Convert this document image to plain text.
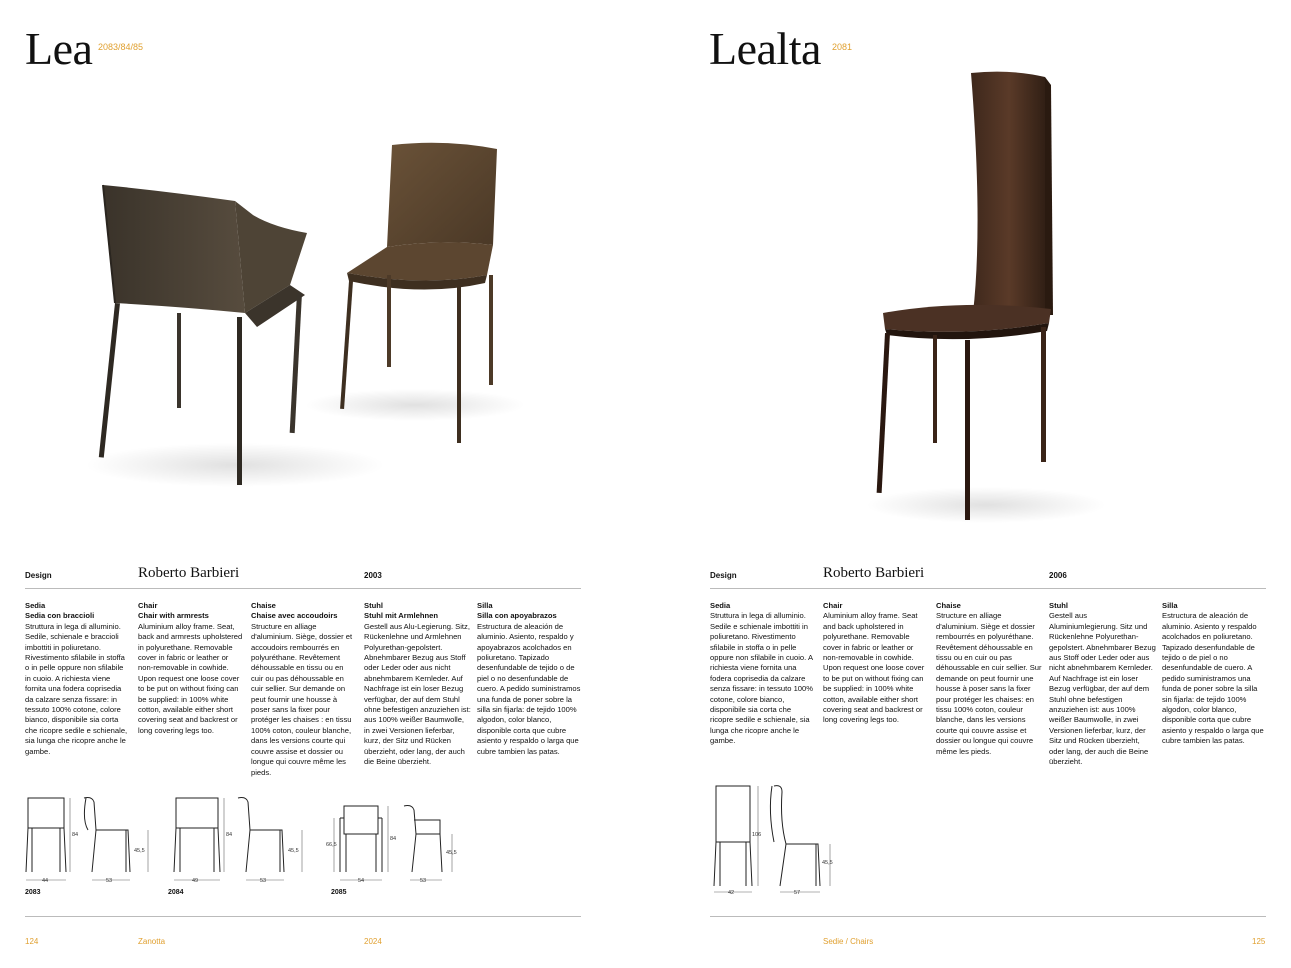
Lea 2083/84/85
Design	Roberto Barbieri	2003
Sedia
Sedia con braccioli
Struttura in lega di alluminio. Sedile, schienale e braccioli imbottiti in poliuretano. Rivestimento sfilabile in stoffa o in pelle oppure non sfilabile in cuoio. A richiesta viene fornita una fodera coprisedia da calzare senza fissare: in tessuto 100% cotone, colore bianco, disponibile sia corta che ricopre sedile e schienale, sia lunga che ricopre anche le gambe.
Chair
Chair with armrests
Aluminium alloy frame. Seat, back and armrests upholstered in polyurethane. Removable cover in fabric or leather or non-removable in cowhide. Upon request one loose cover to be put on without fixing can be supplied: in 100% white cotton, available either short covering seat and backrest or long covering legs too.
Chaise
Chaise avec accoudoirs
Structure en alliage d'aluminium. Siège, dossier et accoudoirs rembourrés en polyuréthane. Revêtement déhoussable en tissu ou en cuir ou pas déhoussable en cuir sellier. Sur demande on peut fournir une housse à poser sans la fixer pour protéger les chaises : en tissu 100% coton, couleur blanche, dans les versions courte qui couvre assise et dossier ou longue qui couvre même les pieds.
Stuhl
Stuhl mit Armlehnen
Gestell aus Alu-Legierung. Sitz, Rückenlehne und Armlehnen Polyurethan-gepolstert. Abnehmbarer Bezug aus Stoff oder Leder oder aus nicht abnehmbarem Kernleder. Auf Nachfrage ist ein loser Bezug verfügbar, der auf dem Stuhl ohne befestigen anzuziehen ist: aus 100% weißer Baumwolle, in zwei Versionen lieferbar, kurz, der Sitz und Rücken überzieht, oder lang, der auch die Beine überzieht.
Silla
Silla con apoyabrazos
Estructura de aleación de aluminio. Asiento, respaldo y apoyabrazos acolchados en poliuretano. Tapizado desenfundable de tejido o de piel o no desenfundable de cuero. A pedido suministramos una funda de poner sobre la silla sin fijarla: de tejido 100% algodon, color blanco, disponible corta que cubre asiento y respaldo o larga que cubre tambien las patas.
84
45,5
44	53
84
45,5
49	53
66,5
84
45,5
54	53
2083	2084	2085
124	Zanotta	2024
Lealta 2081
Design	Roberto Barbieri	2006
Sedia
Struttura in lega di alluminio. Sedile e schienale imbottiti in poliuretano. Rivestimento sfilabile in stoffa o in pelle oppure non sfilabile in cuoio. A richiesta viene fornita una fodera coprisedia da calzare senza fissare: in tessuto 100% cotone, colore bianco, disponibile sia corta che ricopre sedile e schienale, sia lunga che ricopre anche le gambe.
Chair
Aluminium alloy frame. Seat and back upholstered in polyurethane. Removable cover in fabric or leather or non-removable in cowhide. Upon request one loose cover to be put on without fixing can be supplied: in 100% white cotton, available either short covering seat and backrest or long covering legs too.
Chaise
Structure en alliage d'aluminium. Siège et dossier rembourrés en polyuréthane. Revêtement déhoussable en tissu ou en cuir ou pas déhoussable en cuir sellier. Sur demande on peut fournir une housse à poser sans la fixer pour protéger les chaises: en tissu 100% coton, couleur blanche, dans les versions courte qui couvre assise et dossier ou longue qui couvre même les pieds.
Stuhl
Gestell aus Aluminiumlegierung. Sitz und Rückenlehne Polyurethan-gepolstert. Abnehmbarer Bezug aus Stoff oder Leder oder aus nicht abnehmbarem Kernleder. Auf Nachfrage ist ein loser Bezug verfügbar, der auf dem Stuhl ohne befestigen anzuziehen ist: aus 100% weißer Baumwolle, in zwei Versionen lieferbar, kurz, der Sitz und Rücken überzieht, oder lang, der auch die Beine überzieht.
Silla
Estructura de aleación de aluminio. Asiento y respaldo acolchados en poliuretano. Tapizado desenfundable de tejido o de piel o no desenfundable de cuero. A pedido suministramos una funda de poner sobre la silla sin fijarla: de tejido 100% algodon, color blanco, disponible corta que cubre asiento y respaldo o larga que cubre tambien las patas.
106
45,5
42	57
Sedie / Chairs	125
